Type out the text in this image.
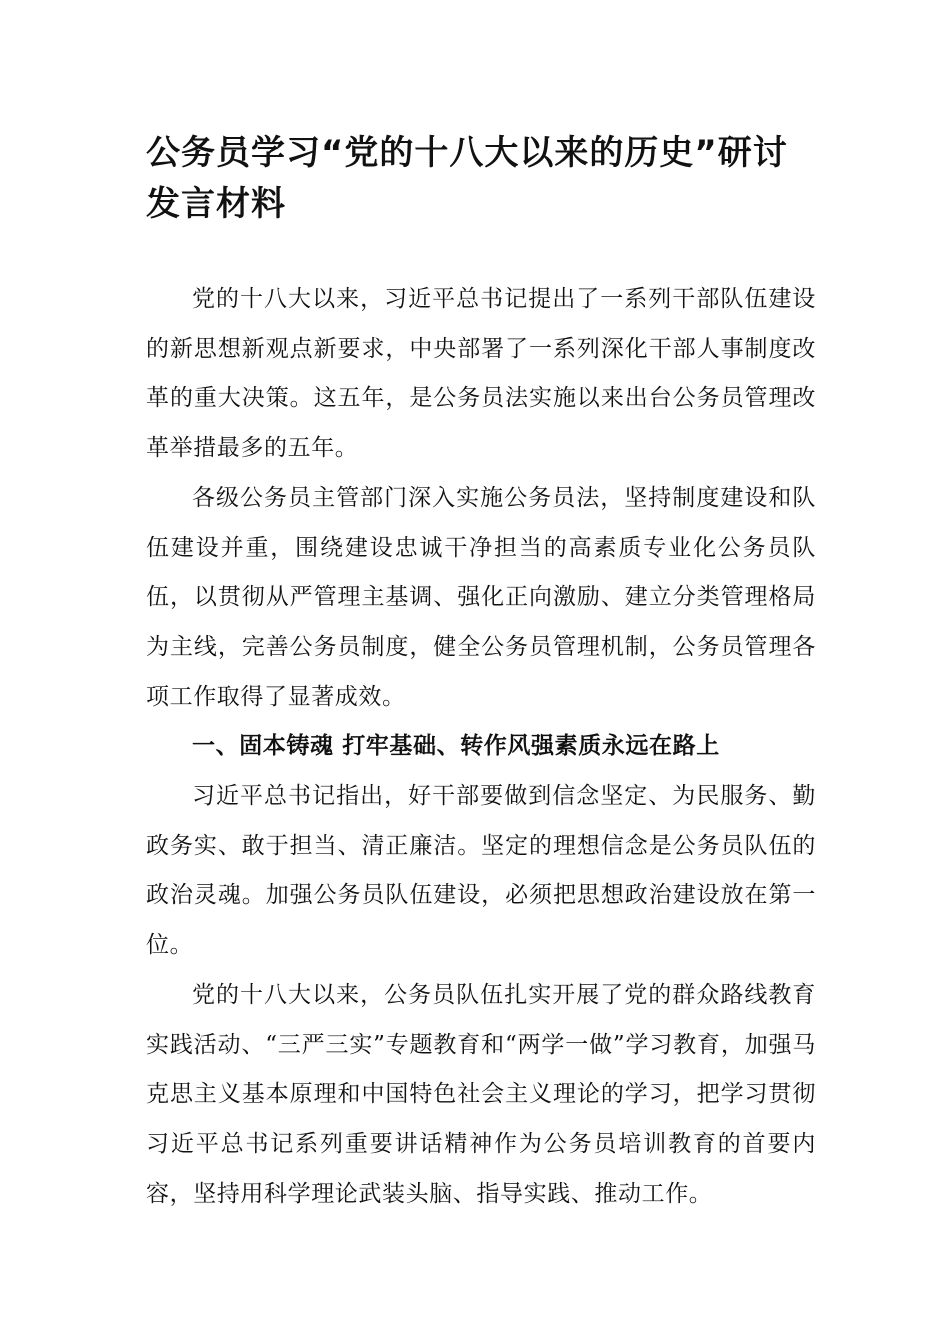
公务员学习“党的十八大以来的历史”研讨发言材料

党的十八大以来，习近平总书记提出了一系列干部队伍建设的新思想新观点新要求，中央部署了一系列深化干部人事制度改革的重大决策。这五年，是公务员法实施以来出台公务员管理改革举措最多的五年。

各级公务员主管部门深入实施公务员法，坚持制度建设和队伍建设并重，围绕建设忠诚干净担当的高素质专业化公务员队伍，以贯彻从严管理主基调、强化正向激励、建立分类管理格局为主线，完善公务员制度，健全公务员管理机制，公务员管理各项工作取得了显著成效。

一、固本铸魂 打牢基础、转作风强素质永远在路上

习近平总书记指出，好干部要做到信念坚定、为民服务、勤政务实、敢于担当、清正廉洁。坚定的理想信念是公务员队伍的政治灵魂。加强公务员队伍建设，必须把思想政治建设放在第一位。

党的十八大以来，公务员队伍扎实开展了党的群众路线教育实践活动、“三严三实”专题教育和“两学一做”学习教育，加强马克思主义基本原理和中国特色社会主义理论的学习，把学习贯彻习近平总书记系列重要讲话精神作为公务员培训教育的首要内容，坚持用科学理论武装头脑、指导实践、推动工作。
